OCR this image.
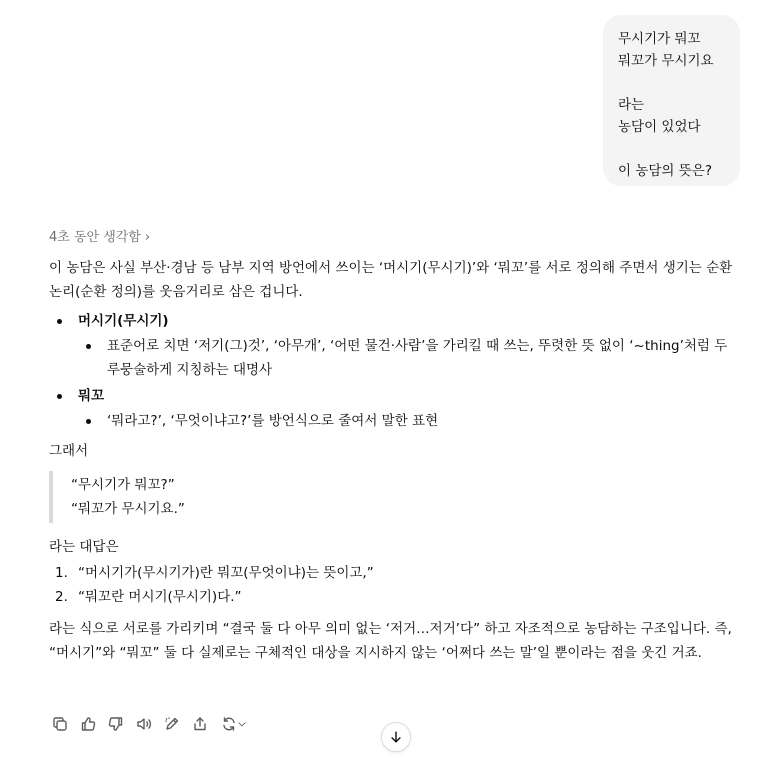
무시기가 뭐꼬
뭐꼬가 무시기요

라는
농담이 있었다

이 농담의 뜻은?
4초 동안 생각함 ›

이 농담은 사실 부산·경남 등 남부 지역 방언에서 쓰이는 ‘머시기(무시기)’와 ‘뭐꼬’를 서로 정의해 주면서 생기는 순환 논리(순환 정의)를 웃음거리로 삼은 겁니다.

머시기(무시기)
표준어로 치면 ‘저기(그)것’, ‘아무개’, ‘어떤 물건·사람’을 가리킬 때 쓰는, 뚜렷한 뜻 없이 ‘~thing’처럼 두루뭉술하게 지칭하는 대명사
뭐꼬
‘뭐라고?’, ‘무엇이냐고?’를 방언식으로 줄여서 말한 표현

그래서

“무시기가 뭐꼬?”
“뭐꼬가 무시기요.”

라는 대답은

1. “머시기가(무시기가)란 뭐꼬(무엇이냐)는 뜻이고,”
2. “뭐꼬란 머시기(무시기)다.”

라는 식으로 서로를 가리키며 “결국 둘 다 아무 의미 없는 ‘저거…저거’다” 하고 자조적으로 농담하는 구조입니다. 즉, “머시기”와 “뭐꼬” 둘 다 실제로는 구체적인 대상을 지시하지 않는 ‘어쩌다 쓰는 말’일 뿐이라는 점을 웃긴 거죠.
